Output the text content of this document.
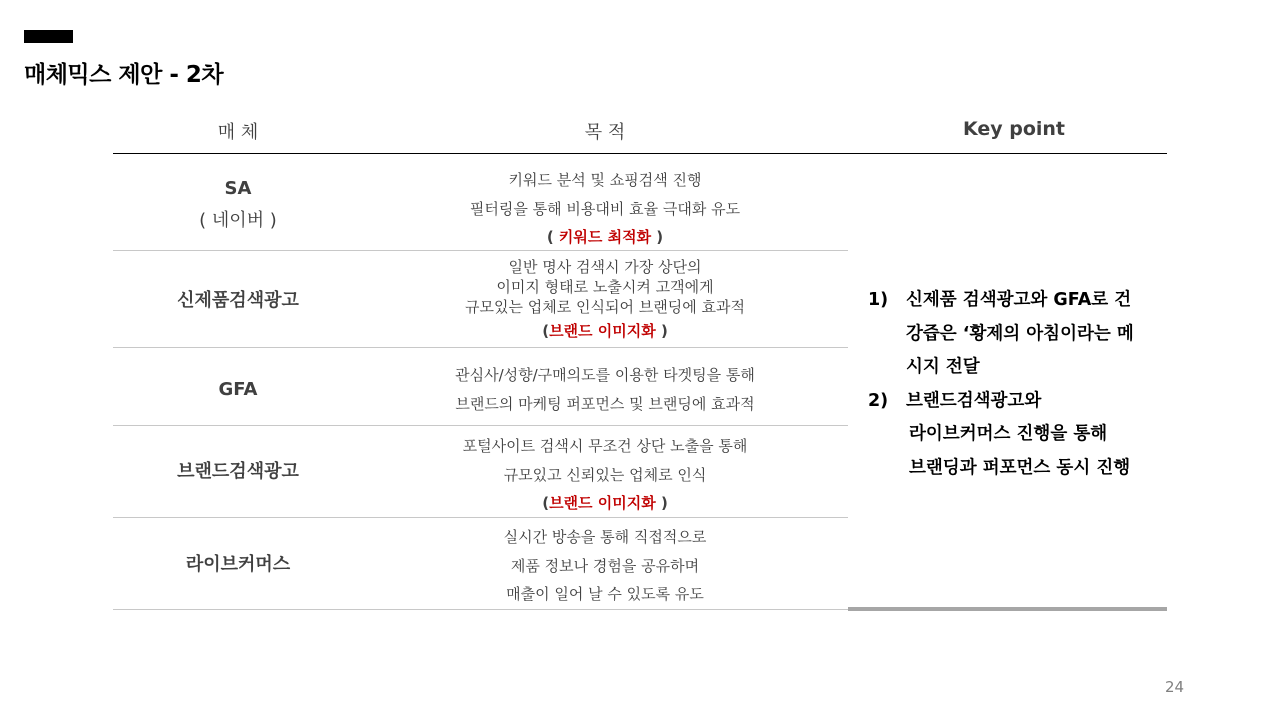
매체믹스 제안 - 2차
매 체	목 적	Key point
SA
( 네이버 )
키워드 분석 및 쇼핑검색 진행
필터링을 통해 비용대비 효율 극대화 유도
( 키워드 최적화 )
신제품검색광고
일반 명사 검색시 가장 상단의
이미지 형태로 노출시켜 고객에게
규모있는 업체로 인식되어 브랜딩에 효과적
(브랜드 이미지화 )
GFA
관심사/성향/구매의도를 이용한 타겟팅을 통해
브랜드의 마케팅 퍼포먼스 및 브랜딩에 효과적
브랜드검색광고
포털사이트 검색시 무조건 상단 노출을 통해
규모있고 신뢰있는 업체로 인식
(브랜드 이미지화 )
라이브커머스
실시간 방송을 통해 직접적으로
제품 정보나 경험을 공유하며
매출이 일어 날 수 있도록 유도
1) 신제품 검색광고와 GFA로 건
강즙은 ‘황제의 아침이라는 메
시지 전달
2) 브랜드검색광고와
라이브커머스 진행을 통해
브랜딩과 퍼포먼스 동시 진행
24
